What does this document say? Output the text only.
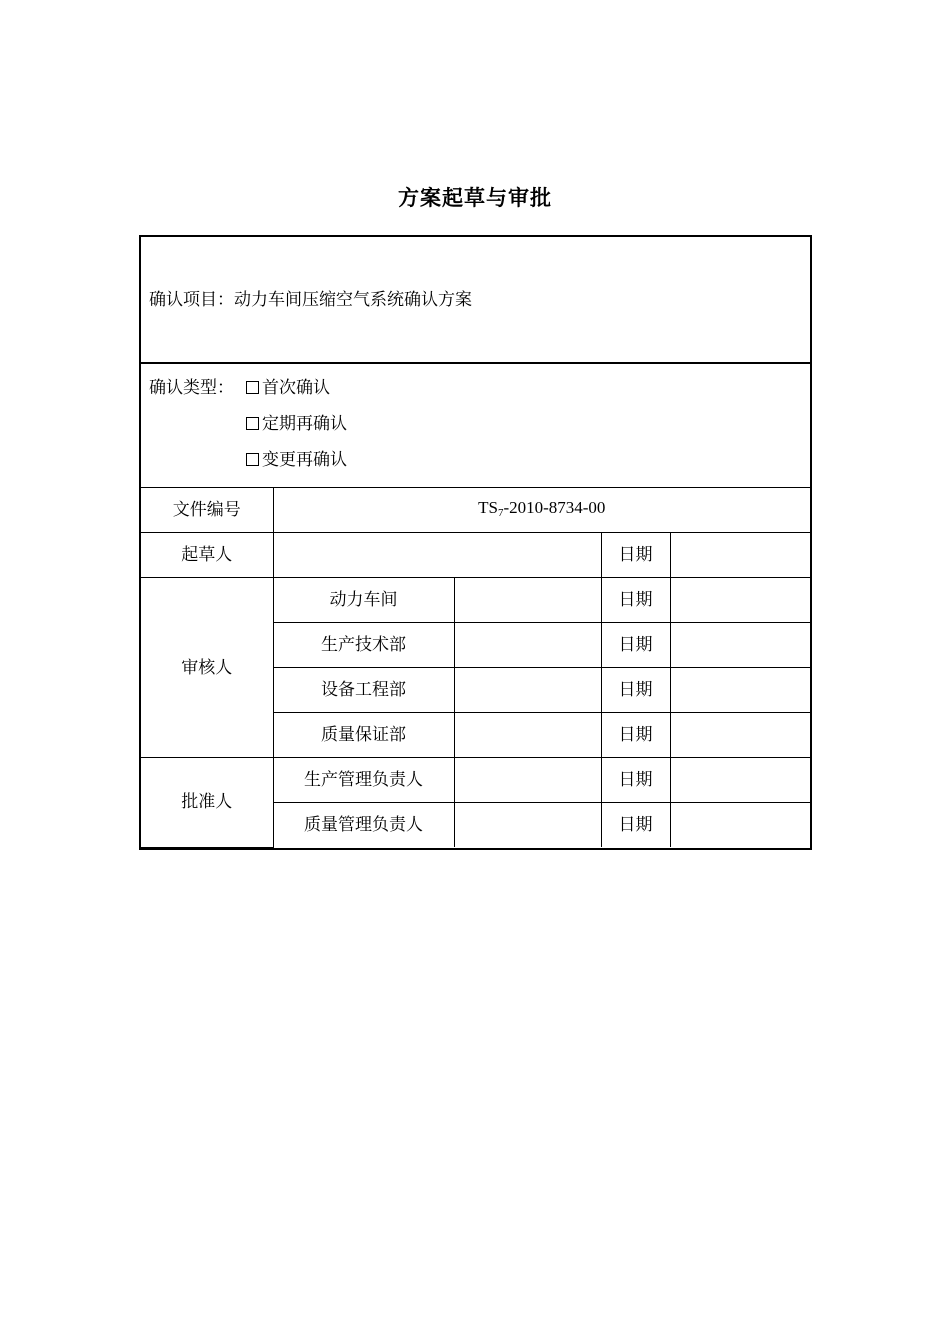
方案起草与审批
确认项目：动力车间压缩空气系统确认方案
确认类型：	首次确认
定期再确认
变更再确认
文件编号	$TS_7-2010-8734-00$			
起草人			日期	
审核人	动力车间		日期	
	生产技术部		日期	
	设备工程部		日期	
	质量保证部		日期	
批准人	生产管理负责人		日期	
	质量管理负责人		日期	
